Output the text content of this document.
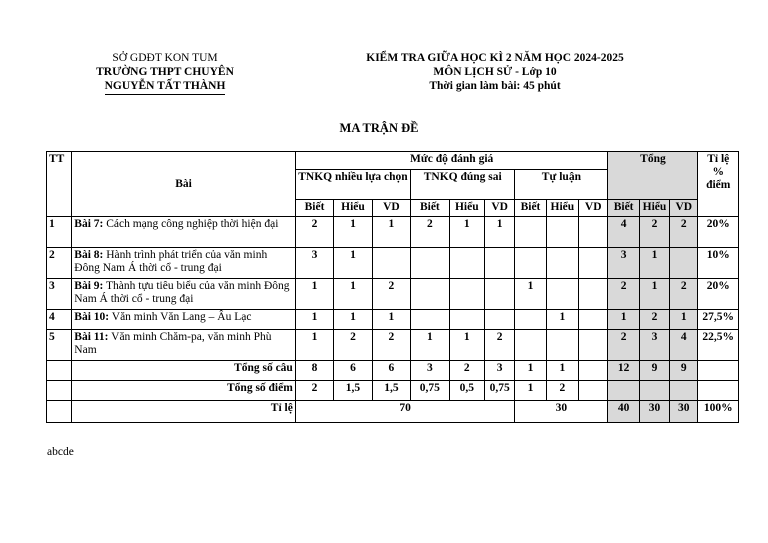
SỞ GDĐT KON TUM
TRƯỜNG THPT CHUYÊN
NGUYỄN TẤT THÀNH
KIỂM TRA GIỮA HỌC KÌ 2 NĂM HỌC 2024-2025
MÔN LỊCH SỬ - Lớp 10
Thời gian làm bài: 45 phút
MA TRẬN ĐỀ
TT	Bài	Mức độ đánh giá									Tổng			Tỉ lệ % điểm
		TNKQ nhiều lựa chọn			TNKQ đúng sai			Tự luận						
		Biết	Hiểu	VD	Biết	Hiểu	VD	Biết	Hiểu	VD	Biết	Hiểu	VD	
1	Bài 7: Cách mạng công nghiệp thời hiện đại	2	1	1	2	1	1				4	2	2	20%
2	Bài 8: Hành trình phát triển của văn minh Đông Nam Á thời cổ - trung đại	3	1								3	1		10%
3	Bài 9: Thành tựu tiêu biểu của văn minh Đông Nam Á thời cổ - trung đại	1	1	2				1			2	1	2	20%
4	Bài 10: Văn minh Văn Lang – Âu Lạc	1	1	1					1		1	2	1	27,5%
5	Bài 11: Văn minh Chăm-pa, văn minh Phù Nam	1	2	2	1	1	2				2	3	4	22,5%
	Tổng số câu	8	6	6	3	2	3	1	1		12	9	9	
	Tổng số điểm	2	1,5	1,5	0,75	0,5	0,75	1	2					
	Tỉ lệ	70						30			40	30	30	100%
abcde
